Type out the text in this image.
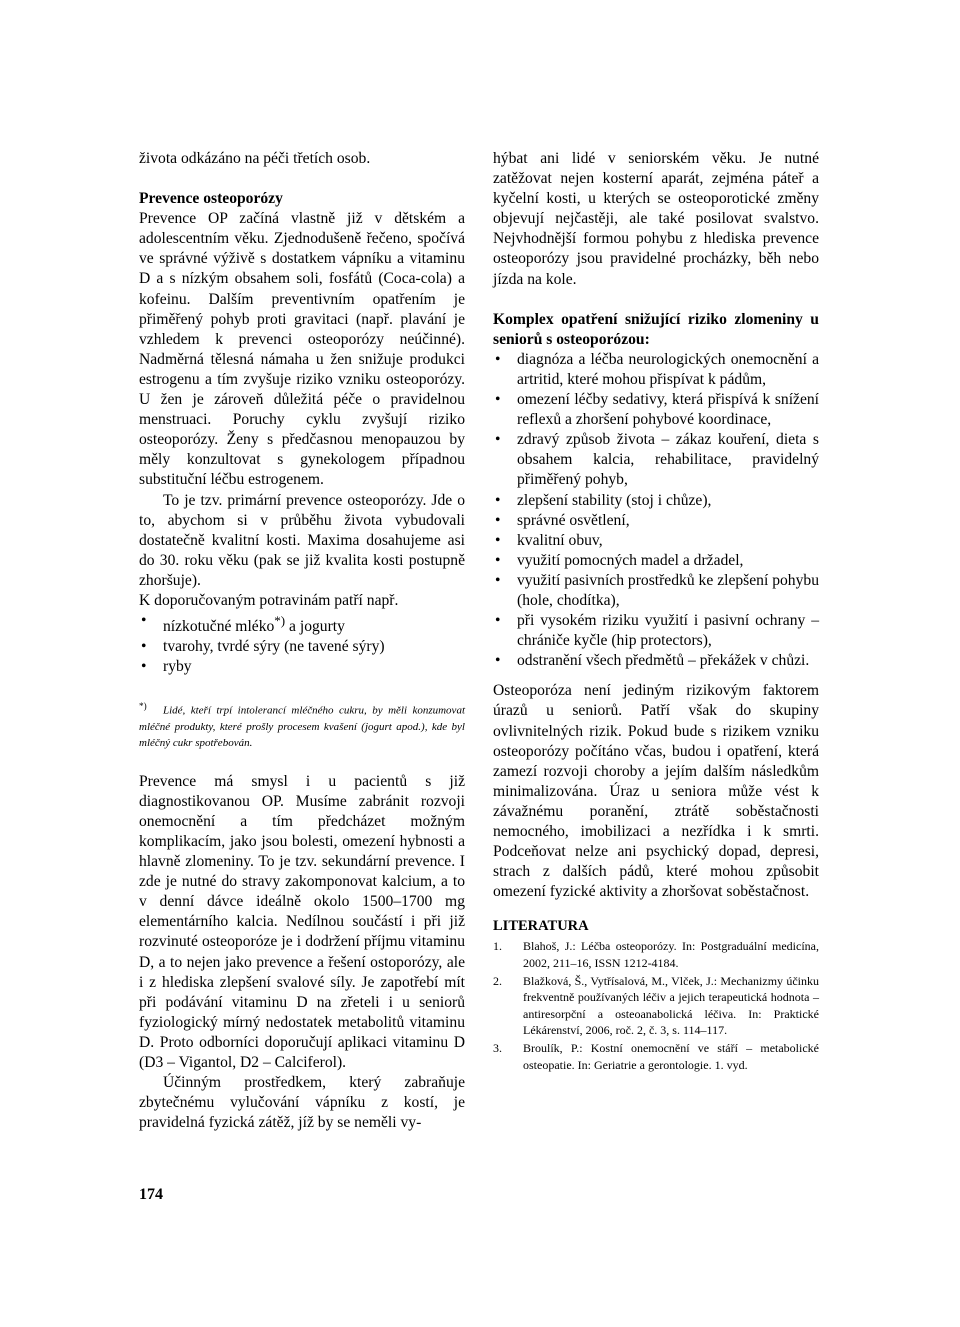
života odkázáno na péči třetích osob.

Prevence osteoporózy

Prevence OP začíná vlastně již v dětském a adolescentním věku. Zjednodušeně řečeno, spočívá ve správné výživě s dostatkem vápníku a vitaminu D a s nízkým obsahem soli, fosfátů (Coca-cola) a kofeinu. Dalším preventivním opatřením je přiměřený pohyb proti gravitaci (např. plavání je vzhledem k prevenci osteoporózy neúčinné). Nadměrná tělesná námaha u žen snižuje produkci estrogenu a tím zvyšuje riziko vzniku osteoporózy. U žen je zároveň důležitá péče o pravidelnou menstruaci. Poruchy cyklu zvyšují riziko osteoporózy. Ženy s předčasnou menopauzou by měly konzultovat s gynekologem případnou substituční léčbu estrogenem.

To je tzv. primární prevence osteoporózy. Jde o to, abychom si v průběhu života vybudovali dostatečně kvalitní kosti. Maxima dosahujeme asi do 30. roku věku (pak se již kvalita kosti postupně zhoršuje).

K doporučovaným potravinám patří např.

• nízkotučné mléko*) a jogurty
• tvarohy, tvrdé sýry (ne tavené sýry)
• ryby

*) Lidé, kteří trpí intolerancí mléčného cukru, by měli konzumovat mléčné produkty, které prošly procesem kvašení (jogurt apod.), kde byl mléčný cukr spotřebován.

Prevence má smysl i u pacientů s již diagnostikovanou OP. Musíme zabránit rozvoji onemocnění a tím předcházet možným komplikacím, jako jsou bolesti, omezení hybnosti a hlavně zlomeniny. To je tzv. sekundární prevence. I zde je nutné do stravy zakomponovat kalcium, a to v denní dávce ideálně okolo 1500–1700 mg elementárního kalcia. Nedílnou součástí i při již rozvinuté osteoporóze je i dodržení příjmu vitaminu D, a to nejen jako prevence a řešení ostoporózy, ale i z hlediska zlepšení svalové síly. Je zapotřebí mít při podávání vitaminu D na zřeteli i u seniorů fyziologický mírný nedostatek metabolitů vitaminu D. Proto odborníci doporučují aplikaci vitaminu D (D3 – Vigantol, D2 – Calciferol).

Účinným prostředkem, který zabraňuje zbytečnému vylučování vápníku z kostí, je pravidelná fyzická zátěž, jíž by se neměli vy-

hýbat ani lidé v seniorském věku. Je nutné zatěžovat nejen kosterní aparát, zejména páteř a kyčelní kosti, u kterých se osteoporotické změny objevují nejčastěji, ale také posilovat svalstvo. Nejvhodnější formou pohybu z hlediska prevence osteoporózy jsou pravidelné procházky, běh nebo jízda na kole.

Komplex opatření snižující riziko zlomeniny u seniorů s osteoporózou:

• diagnóza a léčba neurologických onemocnění a artritid, které mohou přispívat k pádům,
• omezení léčby sedativy, která přispívá k snížení reflexů a zhoršení pohybové koordinace,
• zdravý způsob života – zákaz kouření, dieta s obsahem kalcia, rehabilitace, pravidelný přiměřený pohyb,
• zlepšení stability (stoj i chůze),
• správné osvětlení,
• kvalitní obuv,
• využití pomocných madel a držadel,
• využití pasivních prostředků ke zlepšení pohybu (hole, chodítka),
• při vysokém riziku využití i pasivní ochrany – chrániče kyčle (hip protectors),
• odstranění všech předmětů – překážek v chůzi.

Osteoporóza není jediným rizikovým faktorem úrazů u seniorů. Patří však do skupiny ovlivnitelných rizik. Pokud bude s rizikem vzniku osteoporózy počítáno včas, budou i opatření, která zamezí rozvoji choroby a jejím dalším následkům minimalizována. Úraz u seniora může vést k závažnému poranění, ztrátě soběstačnosti nemocného, imobilizaci a nezřídka i k smrti. Podceňovat nelze ani psychický dopad, depresi, strach z dalších pádů, které mohou způsobit omezení fyzické aktivity a zhoršovat soběstačnost.

LITERATURA

1. Blahoš, J.: Léčba osteoporózy. In: Postgraduální medicína, 2002, 211–16, ISSN 1212-4184.
2. Blažková, Š., Vytřísalová, M., Vlček, J.: Mechanizmy účinku frekventně používaných léčiv a jejich terapeutická hodnota – antiresorpční a osteoanabolická léčiva. In: Praktické Lékárenství, 2006, roč. 2, č. 3, s. 114–117.
3. Broulík, P.: Kostní onemocnění ve stáří – metabolické osteopatie. In: Geriatrie a gerontologie. 1. vyd.
174
